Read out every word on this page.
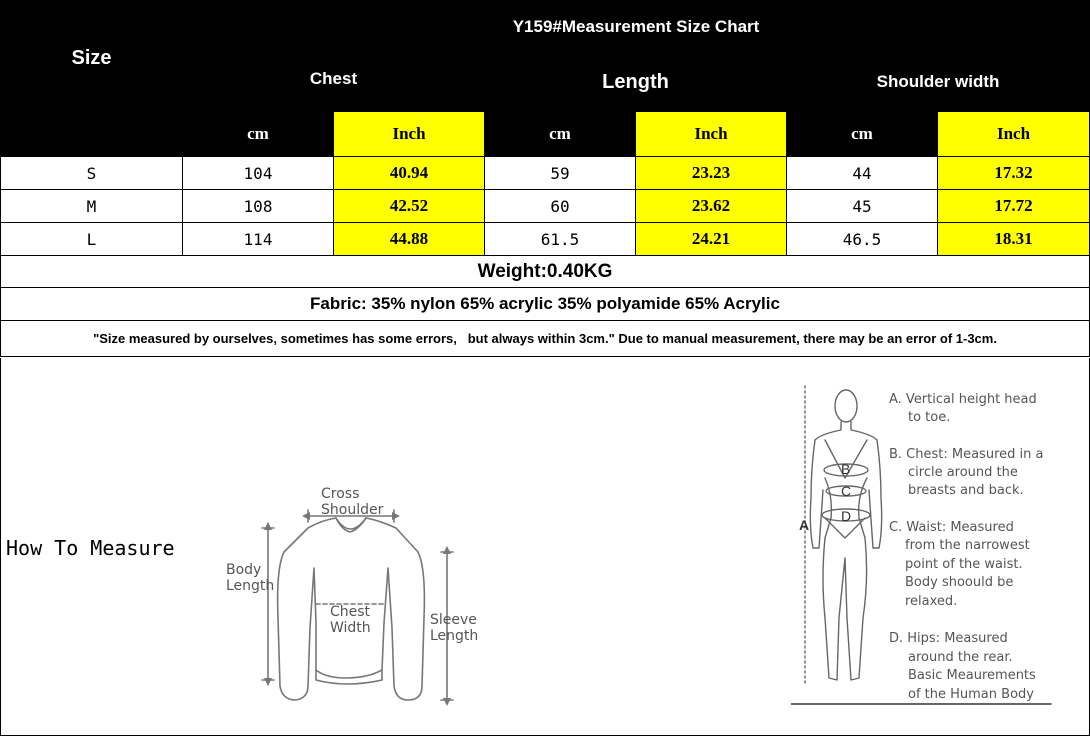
Size	Y159#Measurement Size Chart					
	Chest		Length		Shoulder width	
	cm	Inch	cm	Inch	cm	Inch
S	104	40.94	59	23.23	44	17.32
M	108	42.52	60	23.62	45	17.72
L	114	44.88	61.5	24.21	46.5	18.31
Weight:0.40KG						
Fabric: 35% nylon 65% acrylic 35% polyamide 65% Acrylic						
"Size measured by ourselves, sometimes has some errors,   but always within 3cm." Due to manual measurement, there may be an error of 1-3cm.						
How To Measure
Cross
Shoulder
Body
Length
Chest
Width	Sleeve
Length
A
B
C
D
A. Vertical height head
to toe.
B. Chest: Measured in a
circle around the
breasts and back.
C. Waist: Measured
from the narrowest
point of the waist.
Body shoould be
relaxed.
D. Hips: Measured
around the rear.
Basic Meaurements
of the Human Body
